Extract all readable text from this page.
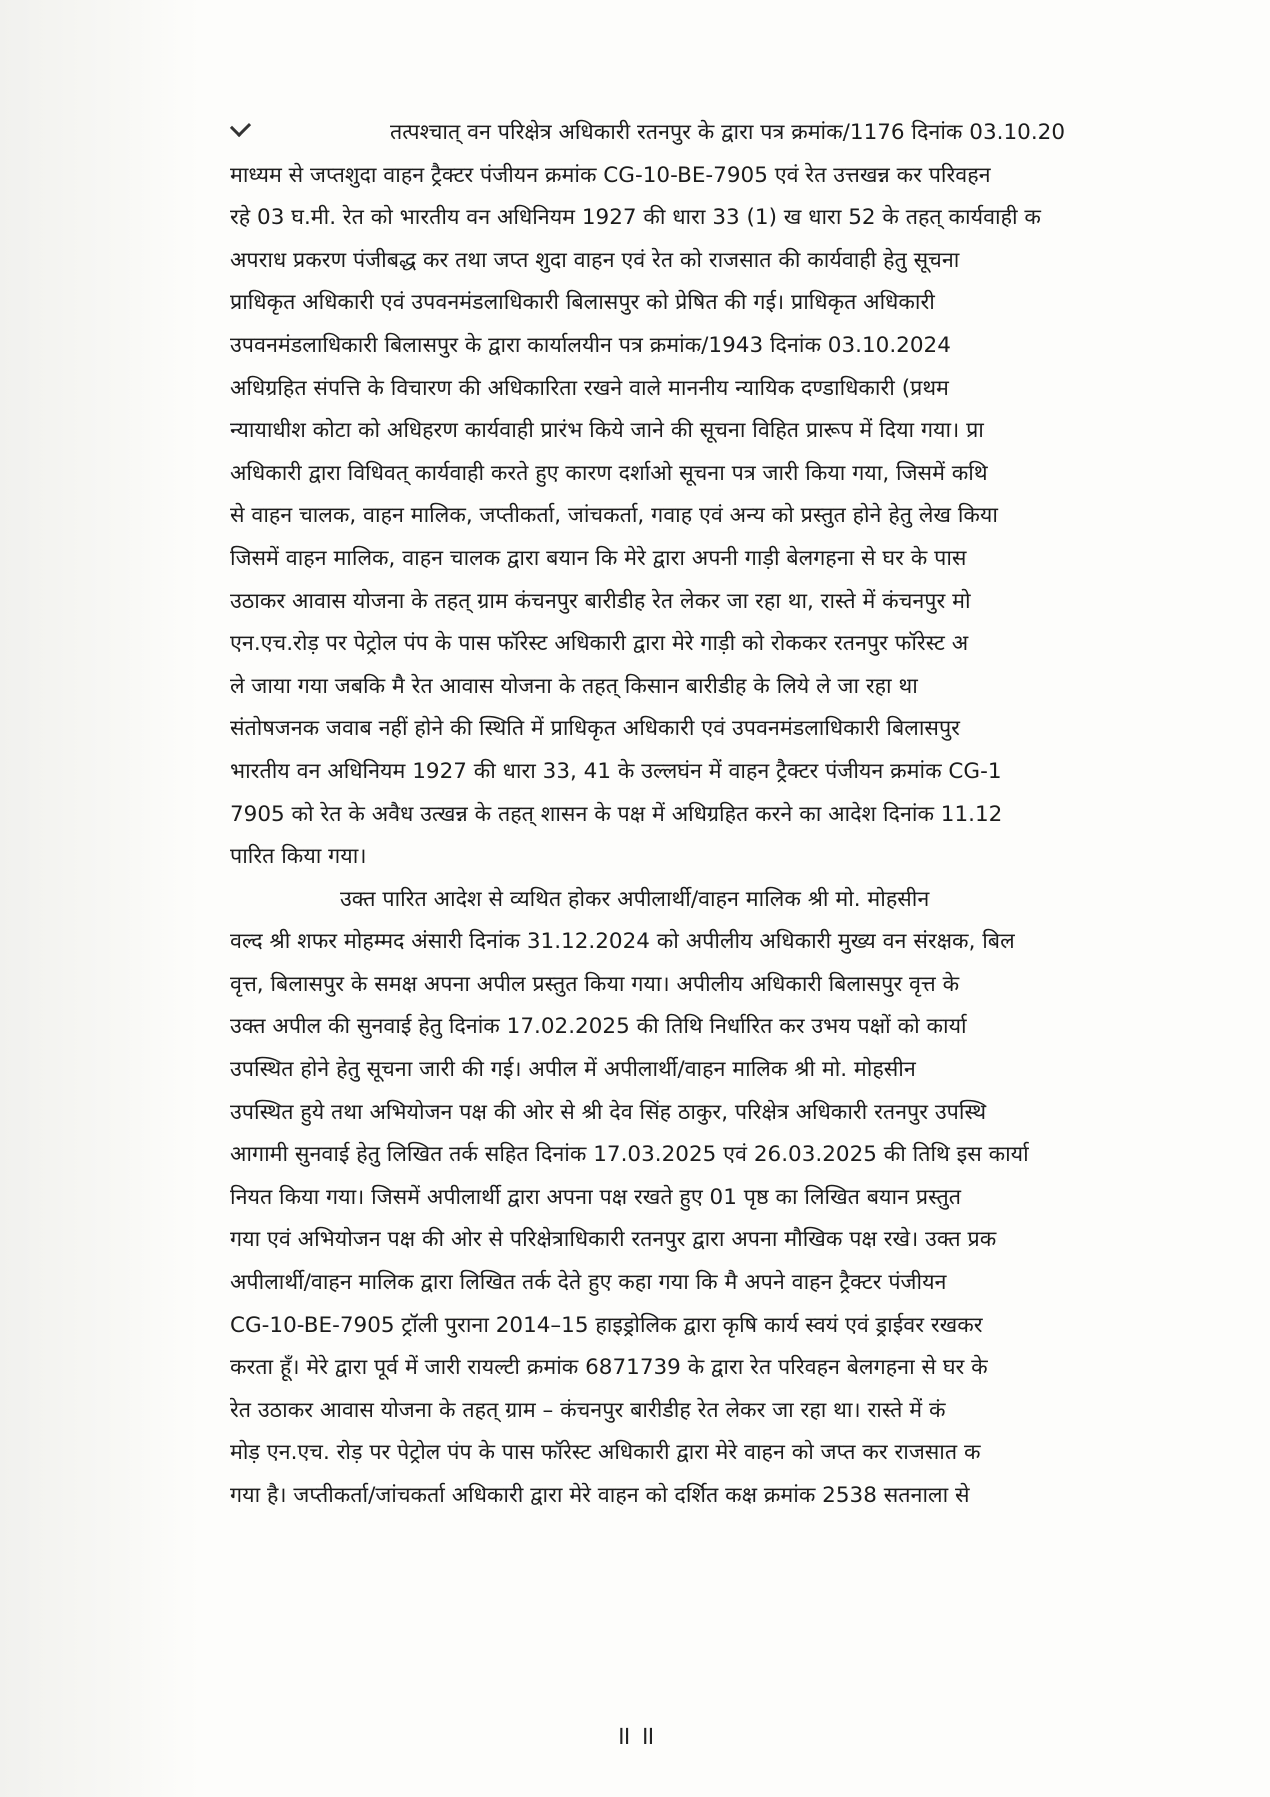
तत्पश्चात् वन परिक्षेत्र अधिकारी रतनपुर के द्वारा पत्र क्रमांक/1176 दिनांक 03.10.20
माध्यम से जप्तशुदा वाहन ट्रैक्टर पंजीयन क्रमांक CG-10-BE-7905 एवं रेत उत्तखन्न कर परिवहन
रहे 03 घ.मी. रेत को भारतीय वन अधिनियम 1927 की धारा 33 (1) ख धारा 52 के तहत् कार्यवाही क
अपराध प्रकरण पंजीबद्ध कर तथा जप्त शुदा वाहन एवं रेत को राजसात की कार्यवाही हेतु सूचना
प्राधिकृत अधिकारी एवं उपवनमंडलाधिकारी बिलासपुर को प्रेषित की गई। प्राधिकृत अधिकारी
उपवनमंडलाधिकारी बिलासपुर के द्वारा कार्यालयीन पत्र क्रमांक/1943 दिनांक 03.10.2024
अधिग्रहित संपत्ति के विचारण की अधिकारिता रखने वाले माननीय न्यायिक दण्डाधिकारी (प्रथम
न्यायाधीश कोटा को अधिहरण कार्यवाही प्रारंभ किये जाने की सूचना विहित प्रारूप में दिया गया। प्रा
अधिकारी द्वारा विधिवत् कार्यवाही करते हुए कारण दर्शाओ सूचना पत्र जारी किया गया, जिसमें कथि
से वाहन चालक, वाहन मालिक, जप्तीकर्ता, जांचकर्ता, गवाह एवं अन्य को प्रस्तुत होने हेतु लेख किया
जिसमें वाहन मालिक, वाहन चालक द्वारा बयान कि मेरे द्वारा अपनी गाड़ी बेलगहना से घर के पास
उठाकर आवास योजना के तहत् ग्राम कंचनपुर बारीडीह रेत लेकर जा रहा था, रास्ते में कंचनपुर मो
एन.एच.रोड़ पर पेट्रोल पंप के पास फॉरेस्ट अधिकारी द्वारा मेरे गाड़ी को रोककर रतनपुर फॉरेस्ट अ
ले जाया गया जबकि मै रेत आवास योजना के तहत् किसान बारीडीह के लिये ले जा रहा था
संतोषजनक जवाब नहीं होने की स्थिति में प्राधिकृत अधिकारी एवं उपवनमंडलाधिकारी बिलासपुर
भारतीय वन अधिनियम 1927 की धारा 33, 41 के उल्लघंन में वाहन ट्रैक्टर पंजीयन क्रमांक CG-1
7905 को रेत के अवैध उत्खन्न के तहत् शासन के पक्ष में अधिग्रहित करने का आदेश दिनांक 11.12
पारित किया गया।
उक्त पारित आदेश से व्यथित होकर अपीलार्थी/वाहन मालिक श्री मो. मोहसीन
वल्द श्री शफर मोहम्मद अंसारी दिनांक 31.12.2024 को अपीलीय अधिकारी मुख्य वन संरक्षक, बिल
वृत्त, बिलासपुर के समक्ष अपना अपील प्रस्तुत किया गया। अपीलीय अधिकारी बिलासपुर वृत्त के
उक्त अपील की सुनवाई हेतु दिनांक 17.02.2025 की तिथि निर्धारित कर उभय पक्षों को कार्या
उपस्थित होने हेतु सूचना जारी की गई। अपील में अपीलार्थी/वाहन मालिक श्री मो. मोहसीन
उपस्थित हुये तथा अभियोजन पक्ष की ओर से श्री देव सिंह ठाकुर, परिक्षेत्र अधिकारी रतनपुर उपस्थि
आगामी सुनवाई हेतु लिखित तर्क सहित दिनांक 17.03.2025 एवं 26.03.2025 की तिथि इस कार्या
नियत किया गया। जिसमें अपीलार्थी द्वारा अपना पक्ष रखते हुए 01 पृष्ठ का लिखित बयान प्रस्तुत
गया एवं अभियोजन पक्ष की ओर से परिक्षेत्राधिकारी रतनपुर द्वारा अपना मौखिक पक्ष रखे। उक्त प्रक
अपीलार्थी/वाहन मालिक द्वारा लिखित तर्क देते हुए कहा गया कि मै अपने वाहन ट्रैक्टर पंजीयन
CG-10-BE-7905 ट्रॉली पुराना 2014–15 हाइड्रोलिक द्वारा कृषि कार्य स्वयं एवं ड्राईवर रखकर
करता हूँ। मेरे द्वारा पूर्व में जारी रायल्टी क्रमांक 6871739 के द्वारा रेत परिवहन बेलगहना से घर के
रेत उठाकर आवास योजना के तहत् ग्राम – कंचनपुर बारीडीह रेत लेकर जा रहा था। रास्ते में कं
मोड़ एन.एच. रोड़ पर पेट्रोल पंप के पास फॉरेस्ट अधिकारी द्वारा मेरे वाहन को जप्त कर राजसात क
गया है। जप्तीकर्ता/जांचकर्ता अधिकारी द्वारा मेरे वाहन को दर्शित कक्ष क्रमांक 2538 सतनाला से
॥ ॥
